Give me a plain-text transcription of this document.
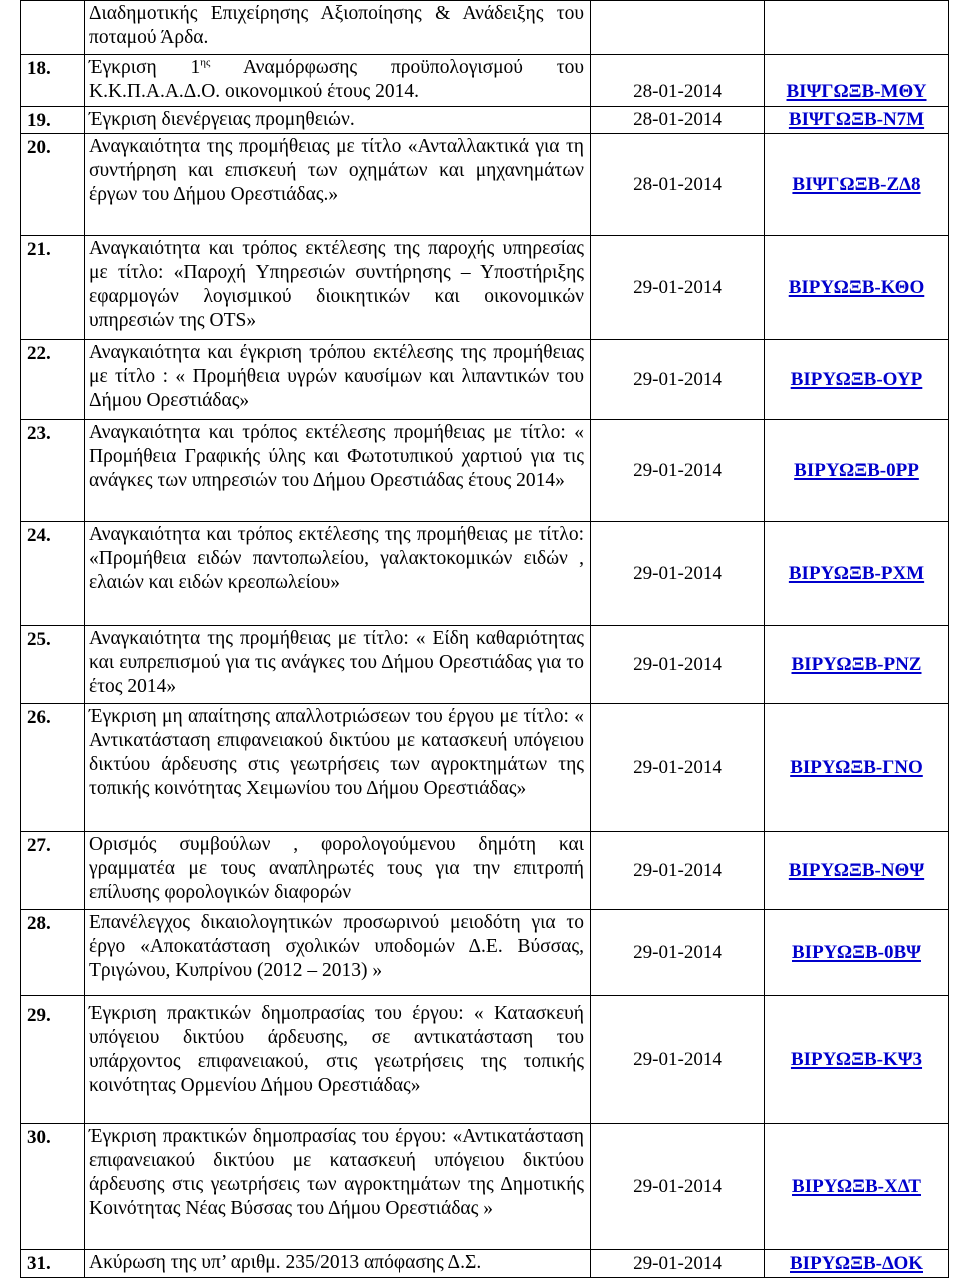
	Διαδημοτικής Επιχείρησης Αξιοποίησης & Ανάδειξης του ποταμού Άρδα.		
18.	Έγκριση $1^{\eta\varsigma}$ Αναμόρφωσης προϋπολογισμού του Κ.Κ.Π.Α.Α.Δ.Ο. οικονομικού έτους 2014.	28-01-2014	ΒΙΨΓΩΞΒ-ΜΘΥ
19.	Έγκριση διενέργειας προμηθειών.	28-01-2014	ΒΙΨΓΩΞΒ-Ν7Μ
20.	Αναγκαιότητα της προμήθειας με τίτλο «Ανταλλακτικά για τη συντήρηση και επισκευή των οχημάτων και μηχανημάτων έργων του Δήμου Ορεστιάδας.»	28-01-2014	ΒΙΨΓΩΞΒ-ΖΔ8
21.	Αναγκαιότητα και τρόπος εκτέλεσης της παροχής υπηρεσίας με τίτλο: «Παροχή Υπηρεσιών συντήρησης – Υποστήριξης εφαρμογών λογισμικού διοικητικών και οικονομικών υπηρεσιών της OTS»	29-01-2014	ΒΙΡΥΩΞΒ-ΚΘΟ
22.	Αναγκαιότητα και έγκριση τρόπου εκτέλεσης της προμήθειας με τίτλο : « Προμήθεια υγρών καυσίμων και λιπαντικών του Δήμου Ορεστιάδας»	29-01-2014	ΒΙΡΥΩΞΒ-ΟΥΡ
23.	Αναγκαιότητα και τρόπος εκτέλεσης προμήθειας με τίτλο: « Προμήθεια Γραφικής ύλης και Φωτοτυπικού χαρτιού για τις ανάγκες των υπηρεσιών του Δήμου Ορεστιάδας έτους 2014»	29-01-2014	ΒΙΡΥΩΞΒ-0ΡΡ
24.	Αναγκαιότητα και τρόπος εκτέλεσης της προμήθειας με τίτλο: «Προμήθεια ειδών παντοπωλείου, γαλακτοκομικών ειδών , ελαιών και ειδών κρεοπωλείου»	29-01-2014	ΒΙΡΥΩΞΒ-ΡΧΜ
25.	Αναγκαιότητα της προμήθειας με τίτλο: « Είδη καθαριότητας και ευπρεπισμού για τις ανάγκες του Δήμου Ορεστιάδας για το έτος 2014»	29-01-2014	ΒΙΡΥΩΞΒ-ΡΝΖ
26.	Έγκριση μη απαίτησης απαλλοτριώσεων του έργου με τίτλο: « Αντικατάσταση επιφανειακού δικτύου με κατασκευή υπόγειου δικτύου άρδευσης στις γεωτρήσεις των αγροκτημάτων της τοπικής κοινότητας Χειμωνίου του Δήμου Ορεστιάδας»	29-01-2014	ΒΙΡΥΩΞΒ-ΓΝΟ
27.	Ορισμός συμβούλων , φορολογούμενου δημότη και γραμματέα με τους αναπληρωτές τους για την επιτροπή επίλυσης φορολογικών διαφορών	29-01-2014	ΒΙΡΥΩΞΒ-ΝΘΨ
28.	Επανέλεγχος δικαιολογητικών προσωρινού μειοδότη για το έργο «Αποκατάσταση σχολικών υποδομών Δ.Ε. Βύσσας, Τριγώνου, Κυπρίνου (2012 – 2013) »	29-01-2014	ΒΙΡΥΩΞΒ-0ΒΨ
29.	Έγκριση πρακτικών δημοπρασίας του έργου: « Κατασκευή υπόγειου δικτύου άρδευσης, σε αντικατάσταση του υπάρχοντος επιφανειακού, στις γεωτρήσεις της τοπικής κοινότητας Ορμενίου Δήμου Ορεστιάδας»	29-01-2014	ΒΙΡΥΩΞΒ-ΚΨ3
30.	Έγκριση πρακτικών δημοπρασίας του έργου: «Αντικατάσταση επιφανειακού δικτύου με κατασκευή υπόγειου δικτύου άρδευσης στις γεωτρήσεις των αγροκτημάτων της Δημοτικής Κοινότητας Νέας Βύσσας του Δήμου Ορεστιάδας »	29-01-2014	ΒΙΡΥΩΞΒ-ΧΔΤ
31.	Ακύρωση της υπ’ αριθμ. 235/2013 απόφασης Δ.Σ.	29-01-2014	ΒΙΡΥΩΞΒ-ΔΟΚ
